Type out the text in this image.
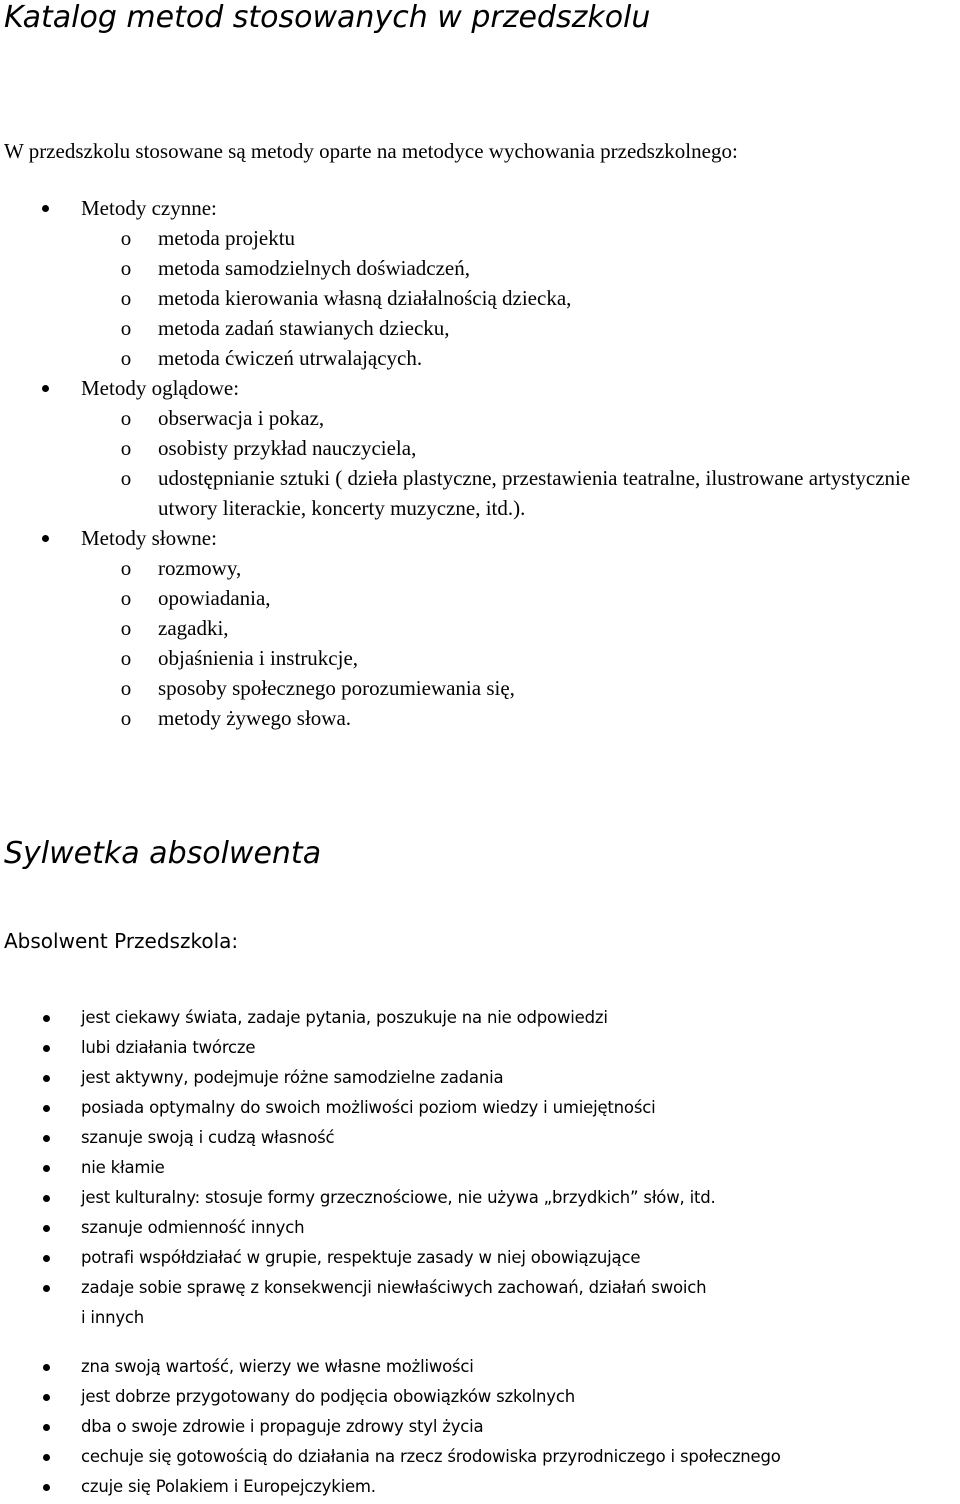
Katalog metod stosowanych w przedszkolu

W przedszkolu stosowane są metody oparte na metodyce wychowania przedszkolnego:

Metody czynne:
o metoda projektu
o metoda samodzielnych doświadczeń,
o metoda kierowania własną działalnością dziecka,
o metoda zadań stawianych dziecku,
o metoda ćwiczeń utrwalających.
Metody oglądowe:
o obserwacja i pokaz,
o osobisty przykład nauczyciela,
o udostępnianie sztuki ( dzieła plastyczne, przestawienia teatralne, ilustrowane artystycznie utwory literackie, koncerty muzyczne, itd.).
Metody słowne:
o rozmowy,
o opowiadania,
o zagadki,
o objaśnienia i instrukcje,
o sposoby społecznego porozumiewania się,
o metody żywego słowa.
Sylwetka absolwenta
Absolwent Przedszkola:
jest ciekawy świata, zadaje pytania, poszukuje na nie odpowiedzi
lubi działania twórcze
jest aktywny, podejmuje różne samodzielne zadania
posiada optymalny do swoich możliwości poziom wiedzy i umiejętności
szanuje swoją i cudzą własność
nie kłamie
jest kulturalny: stosuje formy grzecznościowe, nie używa „brzydkich” słów, itd.
szanuje odmienność innych
potrafi współdziałać w grupie, respektuje zasady w niej obowiązujące
zadaje sobie sprawę z konsekwencji niewłaściwych zachowań, działań swoich
i innych
zna swoją wartość, wierzy we własne możliwości
jest dobrze przygotowany do podjęcia obowiązków szkolnych
dba o swoje zdrowie i propaguje zdrowy styl życia
cechuje się gotowością do działania na rzecz środowiska przyrodniczego i społecznego
czuje się Polakiem i Europejczykiem.
